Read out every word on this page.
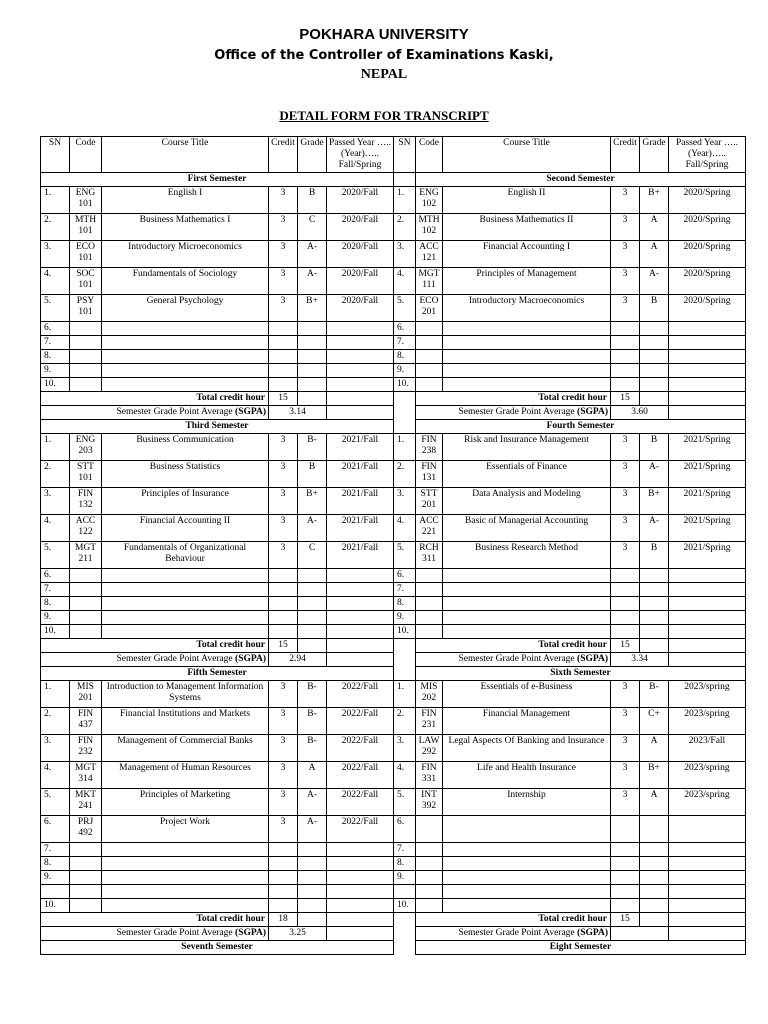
POKHARA UNIVERSITY
Office of the Controller of Examinations Kaski,
NEPAL
DETAIL FORM FOR TRANSCRIPT
SN	Code	Course Title	Credit	Grade	Passed Year …..(Year)….. Fall/Spring	SN	Code	Course Title	Credit	Grade	Passed Year …..(Year)….. Fall/Spring
First Semester							Second Semester				
1.	ENG 101	English I	3	B	2020/Fall	1.	ENG 102	English II	3	B+	2020/Spring
2.	MTH 101	Business Mathematics I	3	C	2020/Fall	2.	MTH 102	Business Mathematics II	3	A	2020/Spring
3.	ECO 101	Introductory Microeconomics	3	A-	2020/Fall	3.	ACC 121	Financial Accounting I	3	A	2020/Spring
4.	SOC 101	Fundamentals of Sociology	3	A-	2020/Fall	4.	MGT 111	Principles of Management	3	A-	2020/Spring
5.	PSY 101	General Psychology	3	B+	2020/Fall	5.	ECO 201	Introductory Macroeconomics	3	B	2020/Spring
6.						6.					
7.						7.					
8.						8.					
9.						9.					
10.						10.					
Total credit hour			15				Total credit hour		15		
Semester Grade Point Average (SGPA)			3.14				Semester Grade Point Average (SGPA)		3.60		
Third Semester							Fourth Semester				
1.	ENG 203	Business Communication	3	B-	2021/Fall	1.	FIN 238	Risk and Insurance Management	3	B	2021/Spring
2.	STT 101	Business Statistics	3	B	2021/Fall	2.	FIN 131	Essentials of Finance	3	A-	2021/Spring
3.	FIN 132	Principles of Insurance	3	B+	2021/Fall	3.	STT 201	Data Analysis and Modeling	3	B+	2021/Spring
4.	ACC 122	Financial Accounting II	3	A-	2021/Fall	4.	ACC 221	Basic of Managerial Accounting	3	A-	2021/Spring
5.	MGT 211	Fundamentals of Organizational Behaviour	3	C	2021/Fall	5.	RCH 311	Business Research Method	3	B	2021/Spring
6.						6.					
7.						7.					
8.						8.					
9.						9.					
10.						10.					
Total credit hour			15				Total credit hour		15		
Semester Grade Point Average (SGPA)			2.94				Semester Grade Point Average (SGPA)		3.34		
Fifth Semester							Sixth Semester				
1.	MIS 201	Introduction to Management Information Systems	3	B-	2022/Fall	1.	MIS 202	Essentials of e-Business	3	B-	2023/spring
2.	FIN 437	Financial Institutions and Markets	3	B-	2022/Fall	2.	FIN 231	Financial Management	3	C+	2023/spring
3.	FIN 232	Management of Commercial Banks	3	B-	2022/Fall	3.	LAW 292	Legal Aspects Of Banking and Insurance	3	A	2023/Fall
4.	MGT 314	Management of Human Resources	3	A	2022/Fall	4.	FIN 331	Life and Health Insurance	3	B+	2023/spring
5.	MKT 241	Principles of Marketing	3	A-	2022/Fall	5.	INT 392	Internship	3	A	2023/spring
6.	PRJ 492	Project Work	3	A-	2022/Fall	6.					
7.						7.					
8.						8.					
9.						9.					

10.						10.					
Total credit hour			18				Total credit hour		15		
Semester Grade Point Average (SGPA)			3.25				Semester Grade Point Average (SGPA)				
Seventh Semester							Eight Semester				
